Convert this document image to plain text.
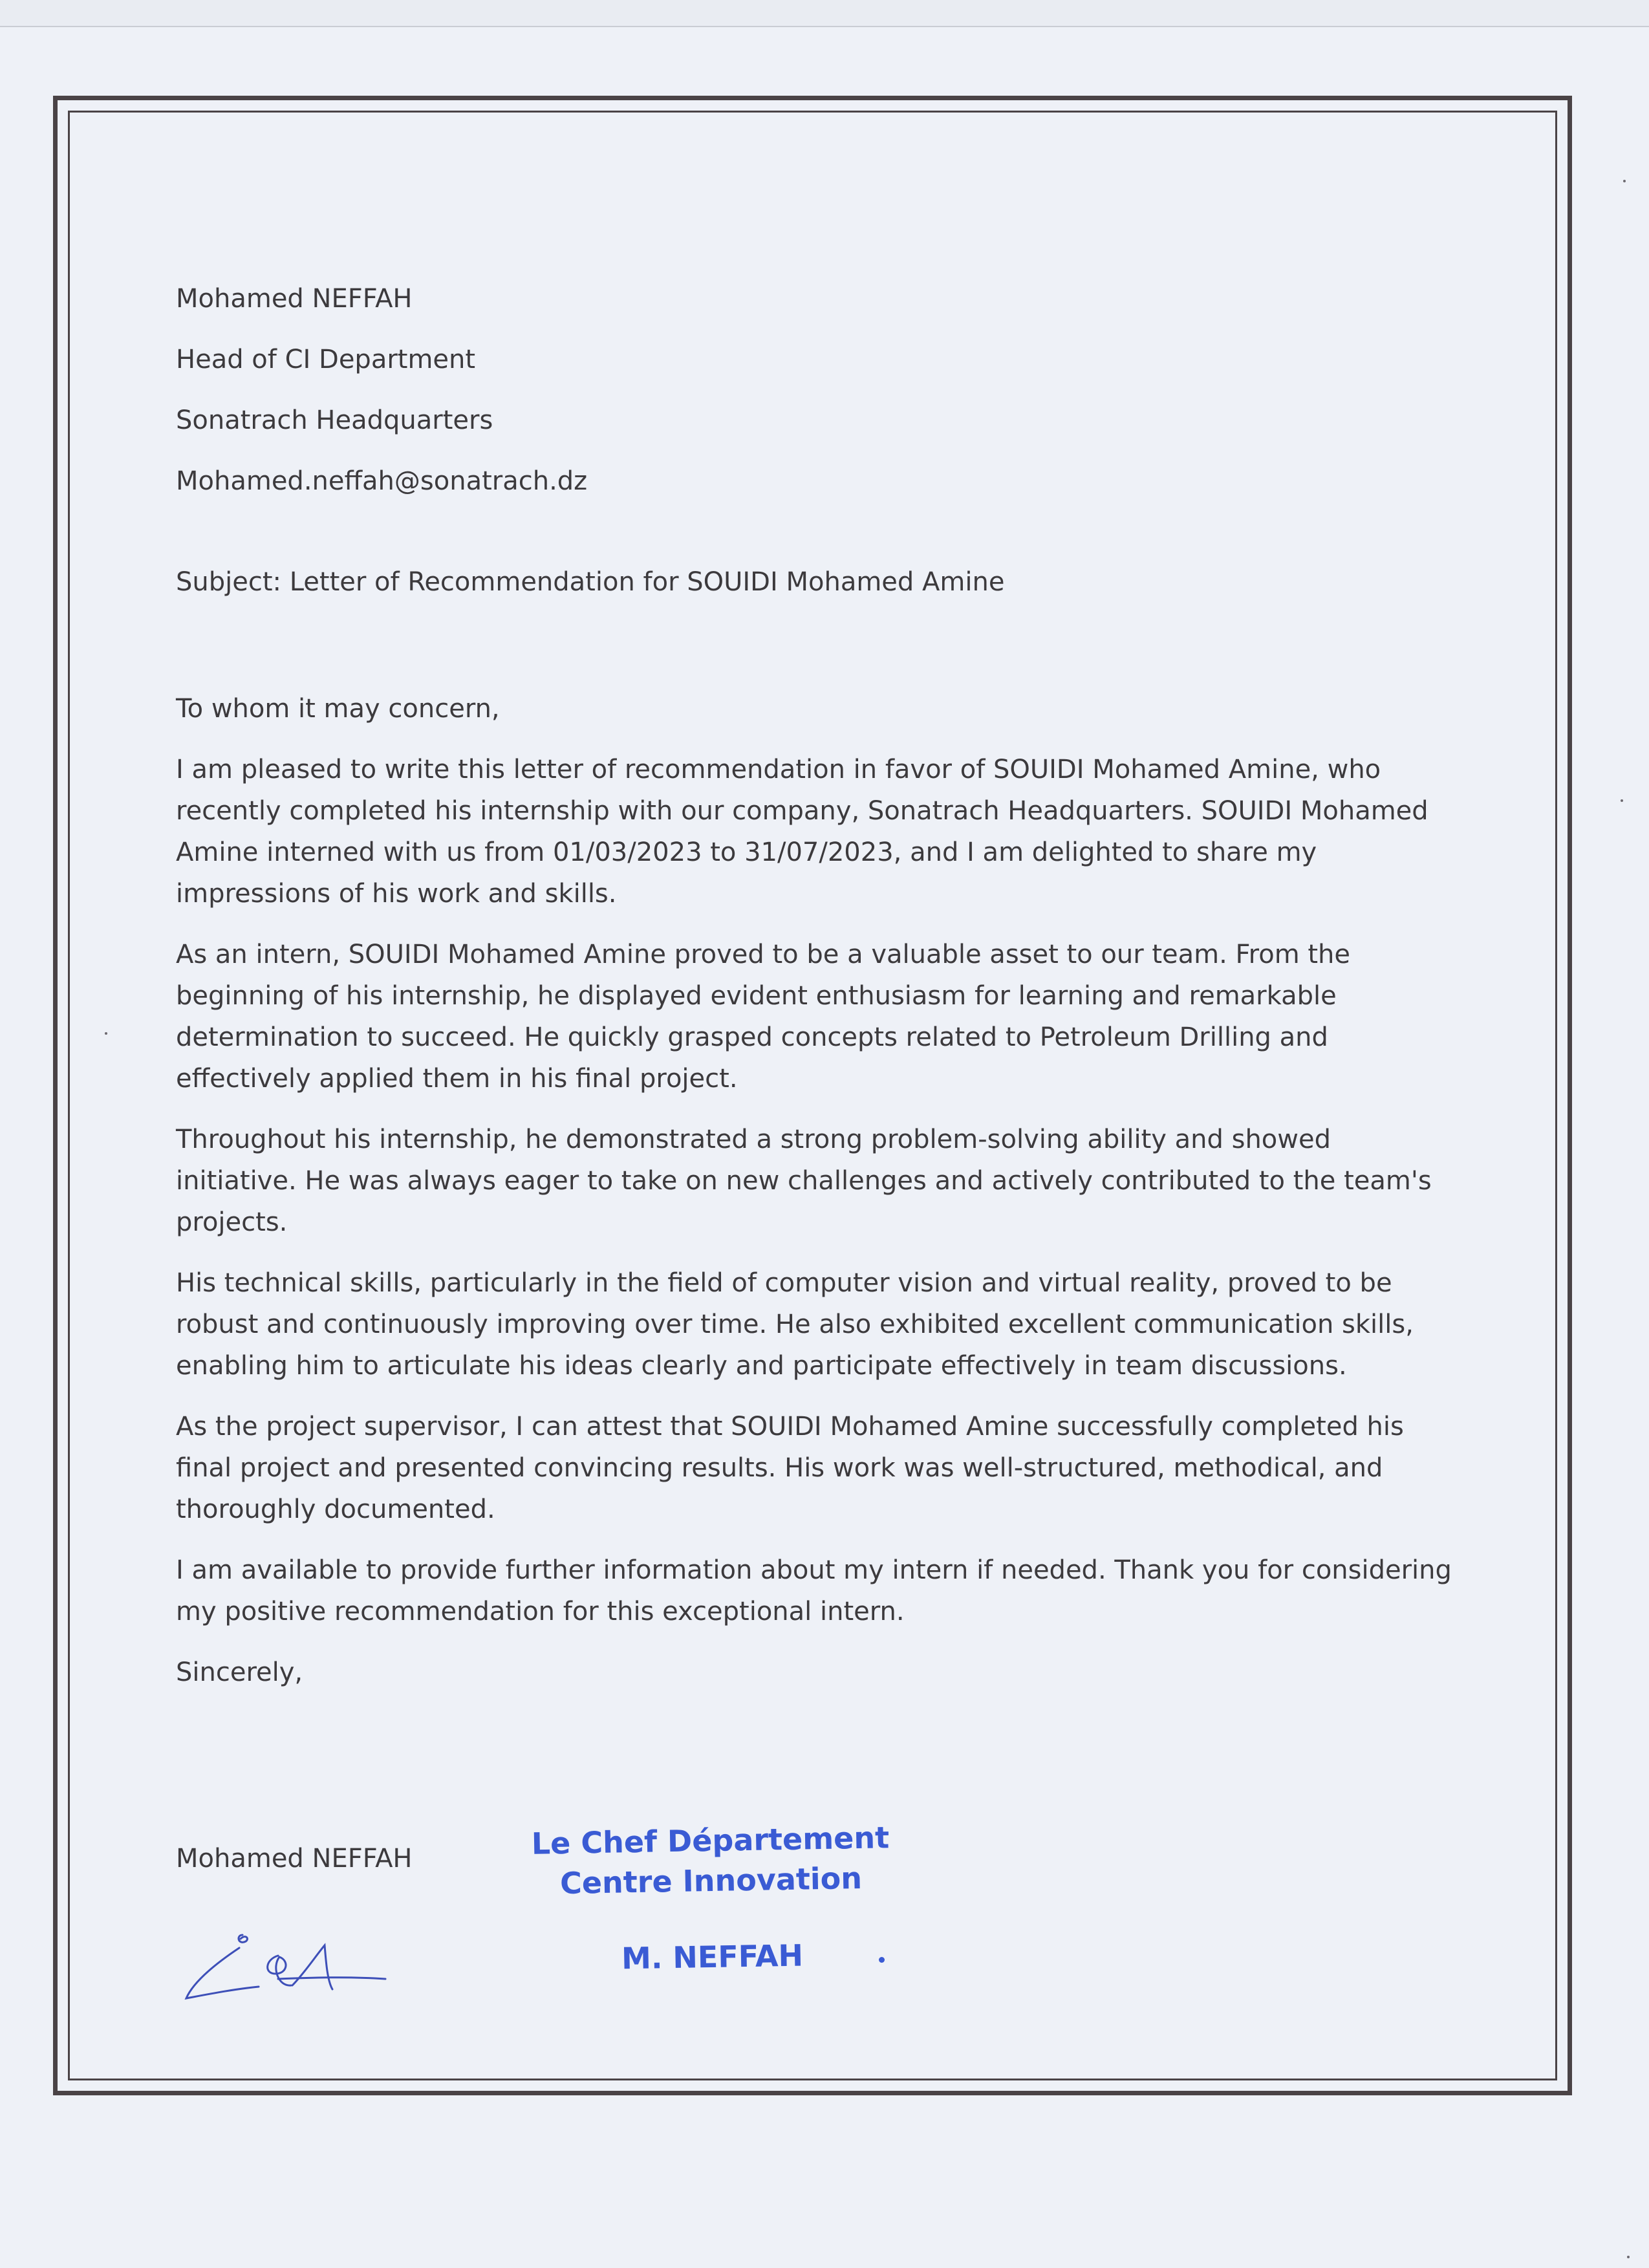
Mohamed NEFFAH

Head of CI Department

Sonatrach Headquarters

Mohamed.neffah@sonatrach.dz

Subject: Letter of Recommendation for SOUIDI Mohamed Amine

To whom it may concern,

I am pleased to write this letter of recommendation in favor of SOUIDI Mohamed Amine, who recently completed his internship with our company, Sonatrach Headquarters. SOUIDI Mohamed Amine interned with us from 01/03/2023 to 31/07/2023, and I am delighted to share my impressions of his work and skills.

As an intern, SOUIDI Mohamed Amine proved to be a valuable asset to our team. From the beginning of his internship, he displayed evident enthusiasm for learning and remarkable determination to succeed. He quickly grasped concepts related to Petroleum Drilling and effectively applied them in his final project.

Throughout his internship, he demonstrated a strong problem-solving ability and showed initiative. He was always eager to take on new challenges and actively contributed to the team's projects.

His technical skills, particularly in the field of computer vision and virtual reality, proved to be robust and continuously improving over time. He also exhibited excellent communication skills, enabling him to articulate his ideas clearly and participate effectively in team discussions.

As the project supervisor, I can attest that SOUIDI Mohamed Amine successfully completed his final project and presented convincing results. His work was well-structured, methodical, and thoroughly documented.

I am available to provide further information about my intern if needed. Thank you for considering my positive recommendation for this exceptional intern.

Sincerely,

Mohamed NEFFAH	Le Chef Département
Centre Innovation
M. NEFFAH
